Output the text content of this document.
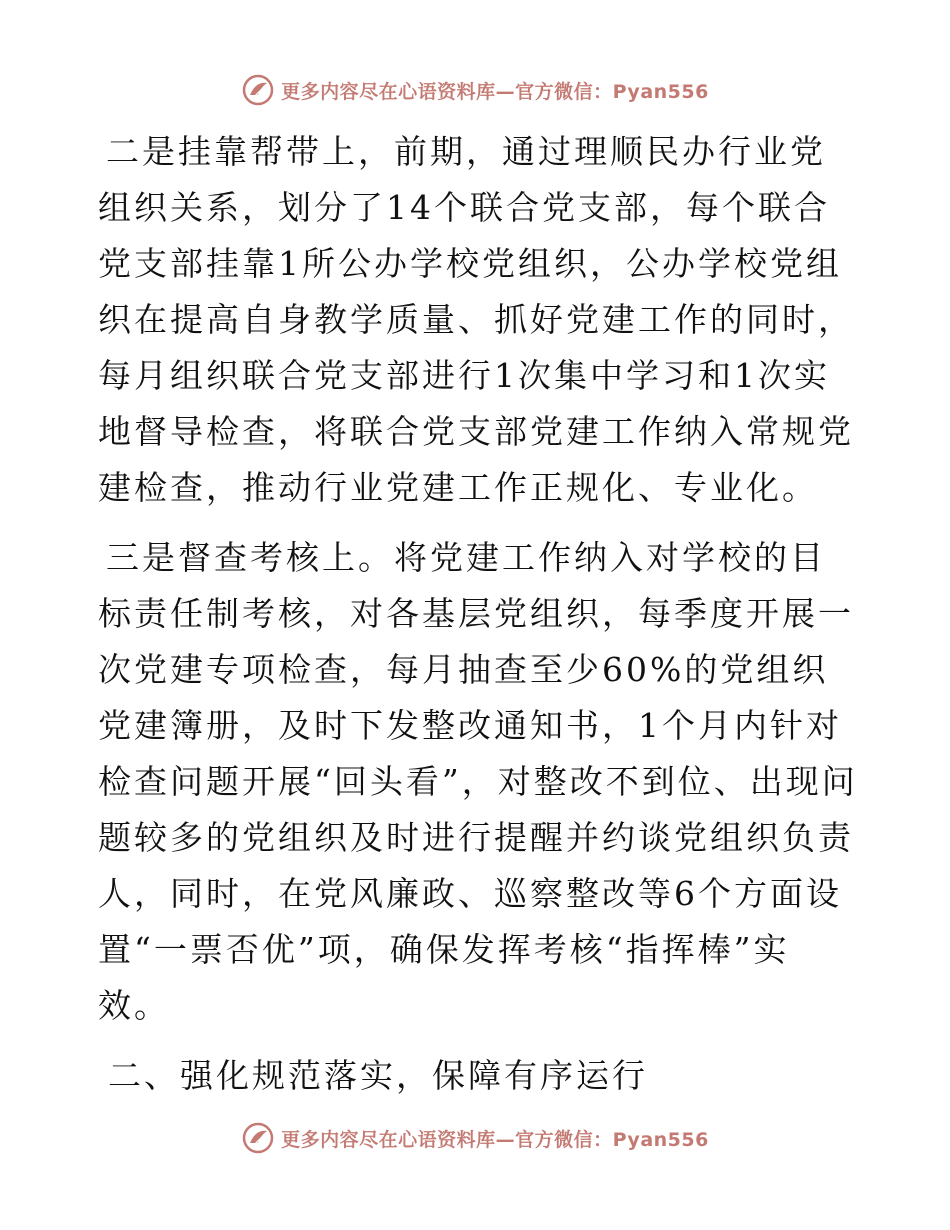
更多内容尽在心语资料库—官方微信：Pyan556

二是挂靠帮带上，前期，通过理顺民办行业党组织关系，划分了14个联合党支部，每个联合党支部挂靠1所公办学校党组织，公办学校党组织在提高自身教学质量、抓好党建工作的同时，每月组织联合党支部进行1次集中学习和1次实地督导检查，将联合党支部党建工作纳入常规党建检查，推动行业党建工作正规化、专业化。

三是督查考核上。将党建工作纳入对学校的目标责任制考核，对各基层党组织，每季度开展一次党建专项检查，每月抽查至少60%的党组织党建簿册，及时下发整改通知书，1个月内针对检查问题开展“回头看”，对整改不到位、出现问题较多的党组织及时进行提醒并约谈党组织负责人，同时，在党风廉政、巡察整改等6个方面设置“一票否优”项，确保发挥考核“指挥棒”实效。

二、强化规范落实，保障有序运行

更多内容尽在心语资料库—官方微信：Pyan556
